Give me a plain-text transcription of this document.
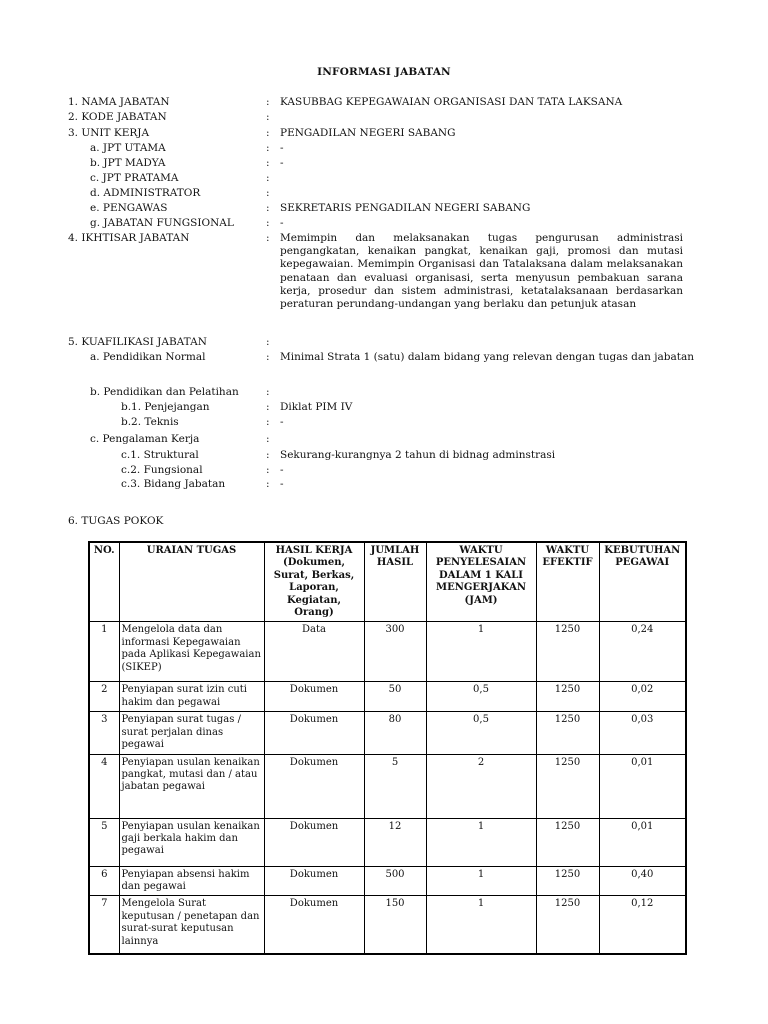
INFORMASI JABATAN
1. NAMA JABATAN	: KASUBBAG KEPEGAWAIAN ORGANISASI DAN TATA LAKSANA
2. KODE JABATAN	:
3. UNIT KERJA	: PENGADILAN NEGERI SABANG
a. JPT UTAMA	: -
b. JPT MADYA	: -
c. JPT PRATAMA	:
d. ADMINISTRATOR	:
e. PENGAWAS	: SEKRETARIS PENGADILAN NEGERI SABANG
g. JABATAN FUNGSIONAL	: -
4. IKHTISAR JABATAN	: Memimpin dan melaksanakan tugas pengurusan administrasi pengangkatan, kenaikan pangkat, kenaikan gaji, promosi dan mutasi kepegawaian. Memimpin Organisasi dan Tatalaksana dalam melaksanakan penataan dan evaluasi organisasi, serta menyusun pembakuan sarana kerja, prosedur dan sistem administrasi, ketatalaksanaan berdasarkan peraturan perundang-undangan yang berlaku dan petunjuk atasan
5. KUAFILIKASI JABATAN	:
a. Pendidikan Normal	: Minimal Strata 1 (satu) dalam bidang yang relevan dengan tugas dan jabatan
b. Pendidikan dan Pelatihan	:
b.1. Penjejangan	: Diklat PIM IV
b.2. Teknis	: -
c. Pengalaman Kerja	:
c.1. Struktural	: Sekurang-kurangnya 2 tahun di bidnag adminstrasi
c.2. Fungsional	: -
c.3. Bidang Jabatan	: -
6. TUGAS POKOK
NO.	URAIAN TUGAS	HASIL KERJA (Dokumen, Surat, Berkas, Laporan, Kegiatan, Orang)	JUMLAH HASIL	WAKTU PENYELESAIAN DALAM 1 KALI MENGERJAKAN (JAM)	WAKTU EFEKTIF	KEBUTUHAN PEGAWAI
1	Mengelola data dan informasi Kepegawaian pada Aplikasi Kepegawaian (SIKEP)	Data	300	1	1250	0,24
2	Penyiapan surat izin cuti hakim dan pegawai	Dokumen	50	0,5	1250	0,02
3	Penyiapan surat tugas / surat perjalan dinas pegawai	Dokumen	80	0,5	1250	0,03
4	Penyiapan usulan kenaikan pangkat, mutasi dan / atau jabatan pegawai	Dokumen	5	2	1250	0,01
5	Penyiapan usulan kenaikan gaji berkala hakim dan pegawai	Dokumen	12	1	1250	0,01
6	Penyiapan absensi hakim dan pegawai	Dokumen	500	1	1250	0,40
7	Mengelola Surat keputusan / penetapan dan surat-surat keputusan lainnya	Dokumen	150	1	1250	0,12
